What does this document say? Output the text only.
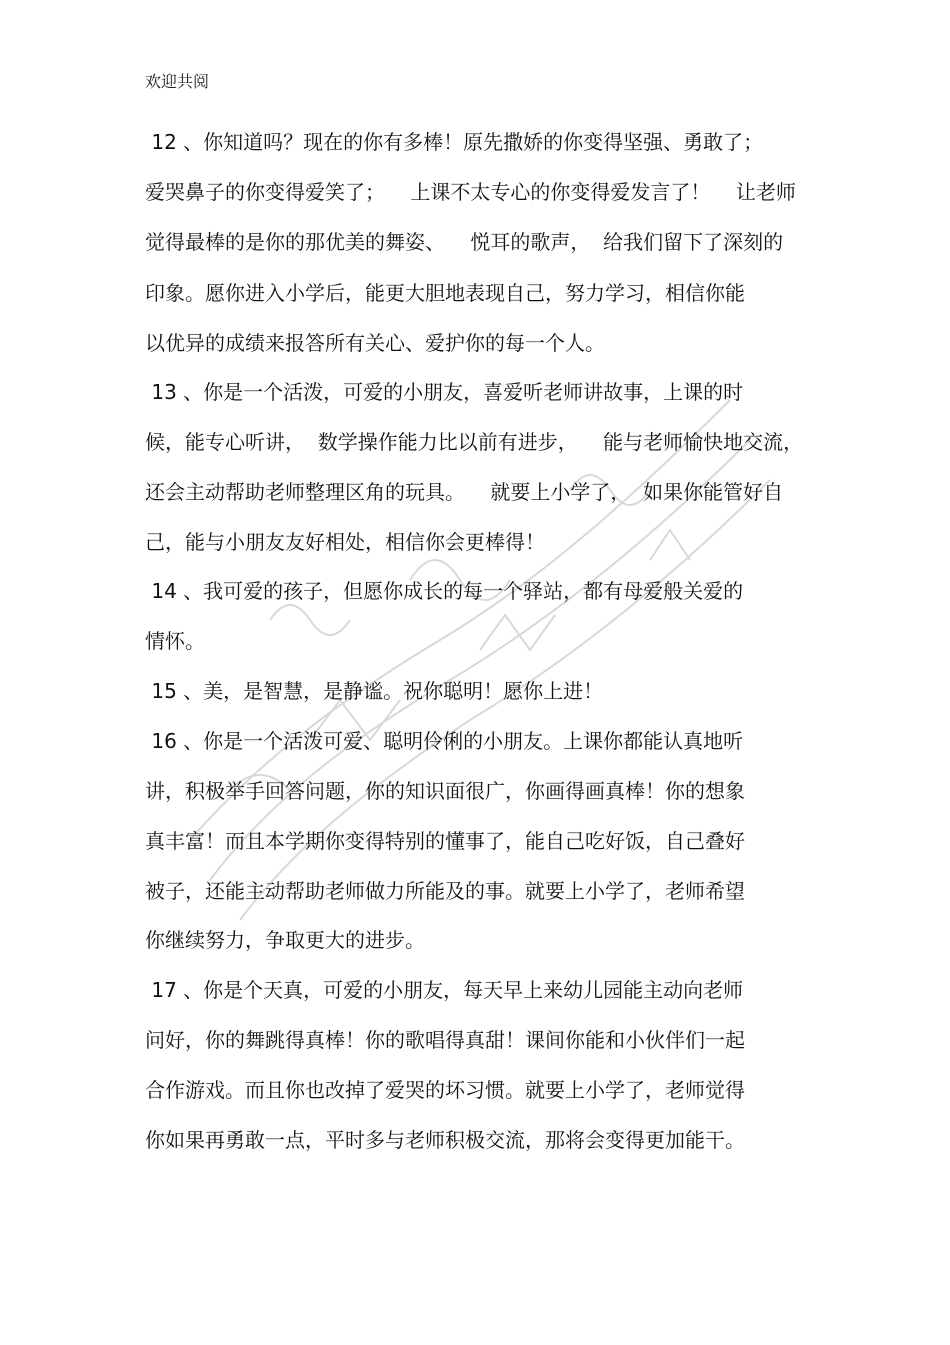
欢迎共阅
12 、你知道吗？现在的你有多棒！原先撒娇的你变得坚强、勇敢了；
爱哭鼻子的你变得爱笑了；    上课不太专心的你变得爱发言了！    让老师
觉得最棒的是你的那优美的舞姿、    悦耳的歌声，  给我们留下了深刻的
印象。愿你进入小学后，能更大胆地表现自己，努力学习，相信你能
以优异的成绩来报答所有关心、爱护你的每一个人。
13 、你是一个活泼，可爱的小朋友，喜爱听老师讲故事，上课的时
候，能专心听讲，  数学操作能力比以前有进步，    能与老师愉快地交流，
还会主动帮助老师整理区角的玩具。    就要上小学了，  如果你能管好自
己，能与小朋友友好相处，相信你会更棒得！
14 、我可爱的孩子，但愿你成长的每一个驿站，都有母爱般关爱的
情怀。
15 、美，是智慧，是静谧。祝你聪明！愿你上进！
16 、你是一个活泼可爱、聪明伶俐的小朋友。上课你都能认真地听
讲，积极举手回答问题，你的知识面很广，你画得画真棒！你的想象
真丰富！而且本学期你变得特别的懂事了，能自己吃好饭，自己叠好
被子，还能主动帮助老师做力所能及的事。就要上小学了，老师希望
你继续努力，争取更大的进步。
17 、你是个天真，可爱的小朋友，每天早上来幼儿园能主动向老师
问好，你的舞跳得真棒！你的歌唱得真甜！课间你能和小伙伴们一起
合作游戏。而且你也改掉了爱哭的坏习惯。就要上小学了，老师觉得
你如果再勇敢一点，平时多与老师积极交流，那将会变得更加能干。
